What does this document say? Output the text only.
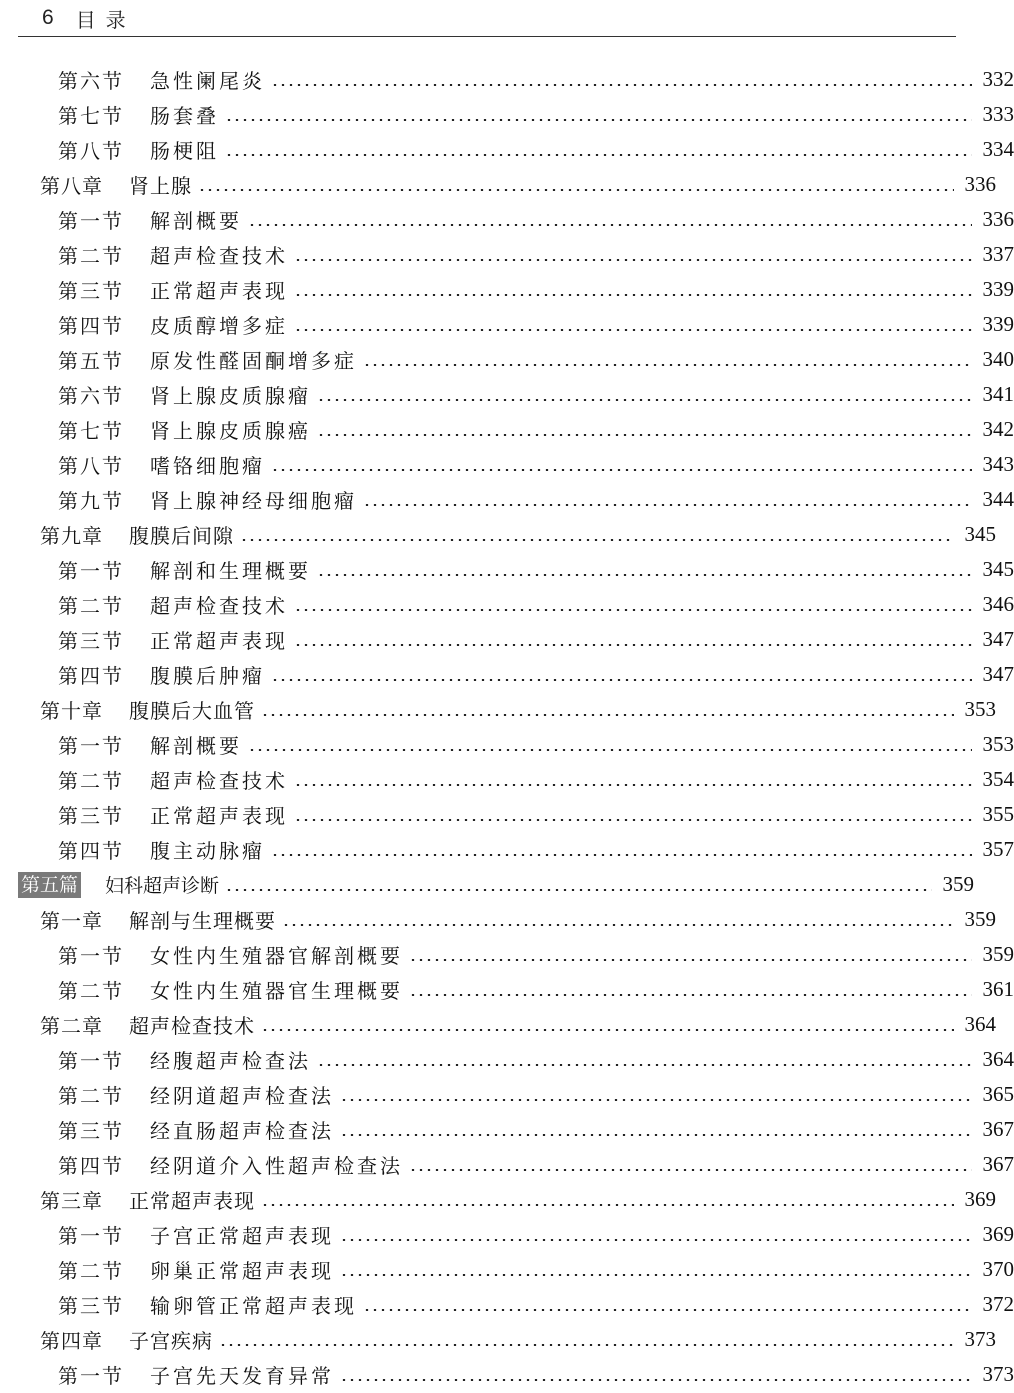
6 目录
第六节 急性阑尾炎	332
第七节 肠套叠	333
第八节 肠梗阻	334
第八章 肾上腺	336
第一节 解剖概要	336
第二节 超声检查技术	337
第三节 正常超声表现	339
第四节 皮质醇增多症	339
第五节 原发性醛固酮增多症	340
第六节 肾上腺皮质腺瘤	341
第七节 肾上腺皮质腺癌	342
第八节 嗜铬细胞瘤	343
第九节 肾上腺神经母细胞瘤	344
第九章 腹膜后间隙	345
第一节 解剖和生理概要	345
第二节 超声检查技术	346
第三节 正常超声表现	347
第四节 腹膜后肿瘤	347
第十章 腹膜后大血管	353
第一节 解剖概要	353
第二节 超声检查技术	354
第三节 正常超声表现	355
第四节 腹主动脉瘤	357
第五篇 妇科超声诊断	359
第一章 解剖与生理概要	359
第一节 女性内生殖器官解剖概要	359
第二节 女性内生殖器官生理概要	361
第二章 超声检查技术	364
第一节 经腹超声检查法	364
第二节 经阴道超声检查法	365
第三节 经直肠超声检查法	367
第四节 经阴道介入性超声检查法	367
第三章 正常超声表现	369
第一节 子宫正常超声表现	369
第二节 卵巢正常超声表现	370
第三节 输卵管正常超声表现	372
第四章 子宫疾病	373
第一节 子宫先天发育异常	373
